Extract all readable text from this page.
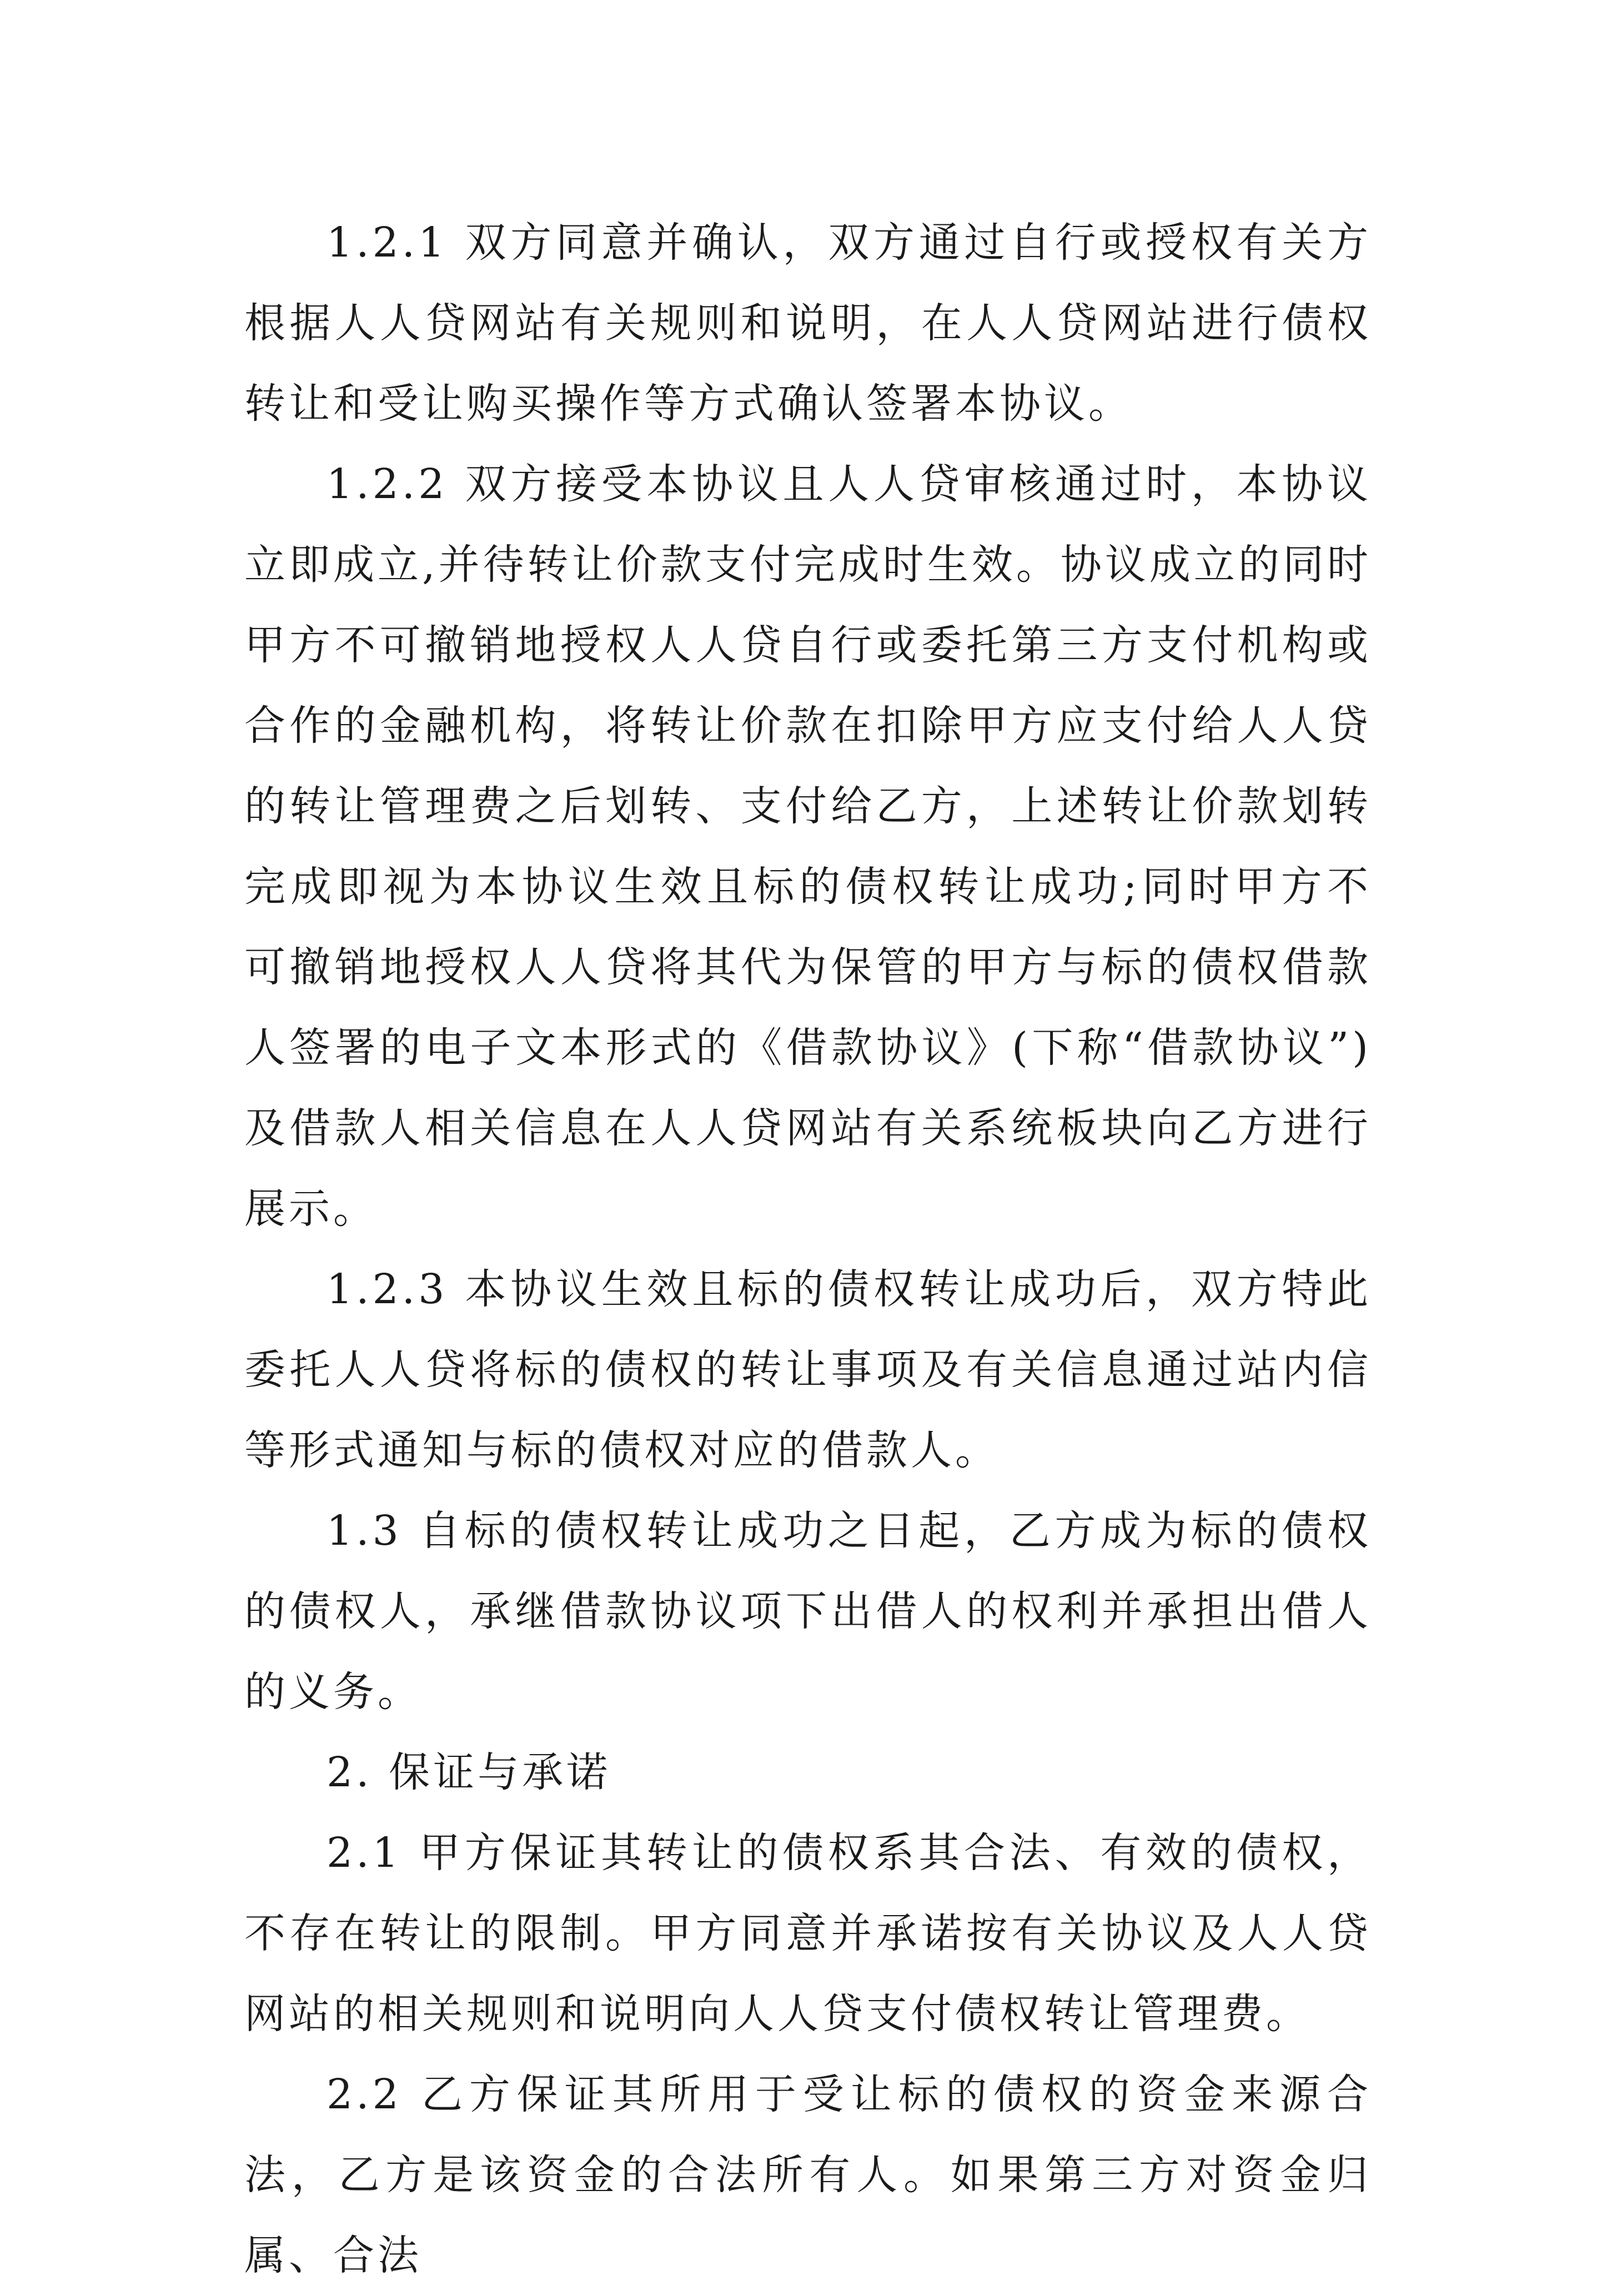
1.2.1 双方同意并确认，双方通过自行或授权有关方根据人人贷网站有关规则和说明，在人人贷网站进行债权转让和受让购买操作等方式确认签署本协议。

1.2.2 双方接受本协议且人人贷审核通过时，本协议立即成立,并待转让价款支付完成时生效。协议成立的同时甲方不可撤销地授权人人贷自行或委托第三方支付机构或合作的金融机构，将转让价款在扣除甲方应支付给人人贷的转让管理费之后划转、支付给乙方，上述转让价款划转完成即视为本协议生效且标的债权转让成功;同时甲方不可撤销地授权人人贷将其代为保管的甲方与标的债权借款人签署的电子文本形式的《借款协议》(下称“借款协议”)及借款人相关信息在人人贷网站有关系统板块向乙方进行展示。

1.2.3 本协议生效且标的债权转让成功后，双方特此委托人人贷将标的债权的转让事项及有关信息通过站内信等形式通知与标的债权对应的借款人。

1.3 自标的债权转让成功之日起，乙方成为标的债权的债权人，承继借款协议项下出借人的权利并承担出借人的义务。

2. 保证与承诺

2.1 甲方保证其转让的债权系其合法、有效的债权，不存在转让的限制。甲方同意并承诺按有关协议及人人贷网站的相关规则和说明向人人贷支付债权转让管理费。

2.2 乙方保证其所用于受让标的债权的资金来源合法，乙方是该资金的合法所有人。如果第三方对资金归属、合法
